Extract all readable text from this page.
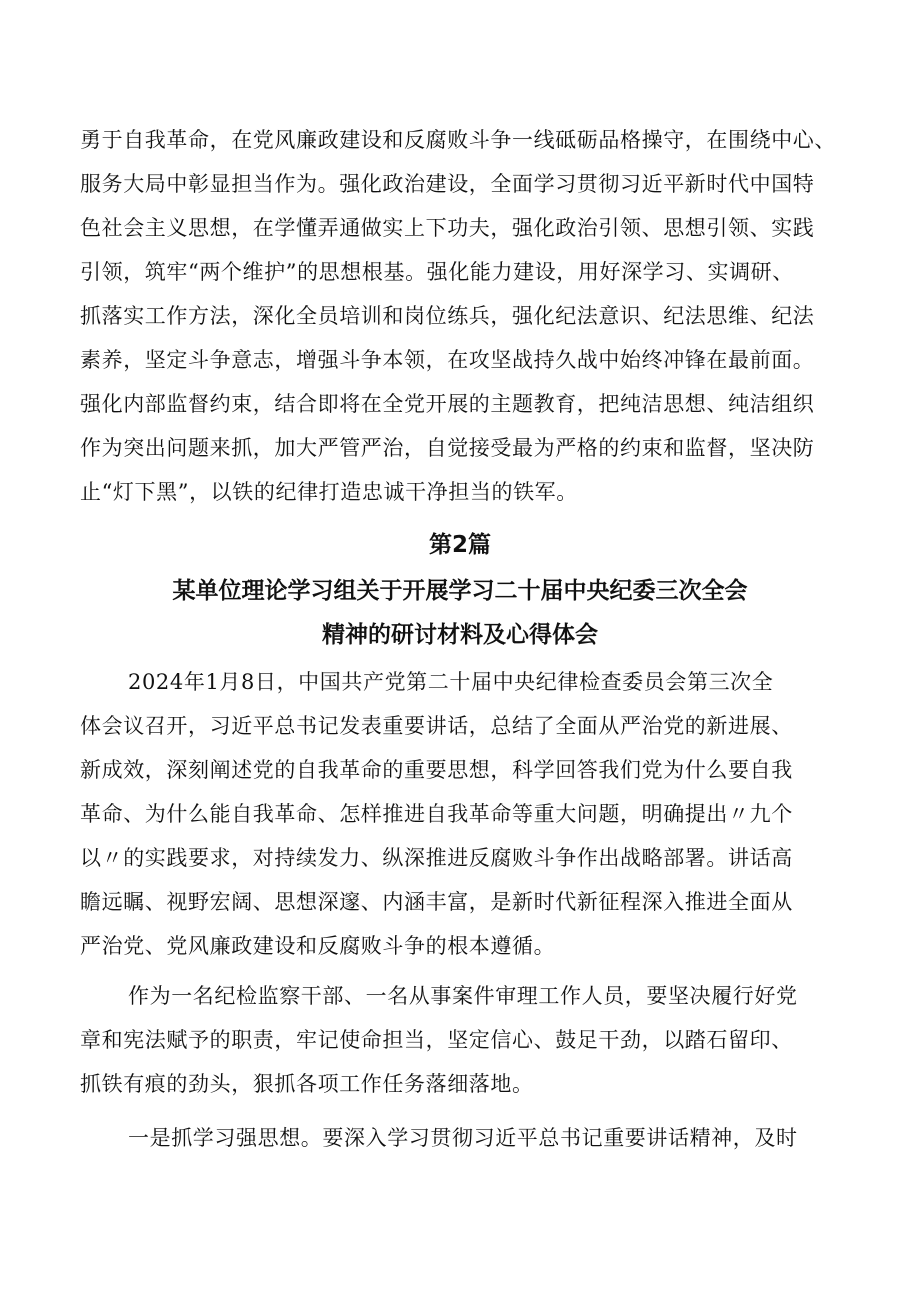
勇于自我革命，在党风廉政建设和反腐败斗争一线砥砺品格操守，在围绕中心、
服务大局中彰显担当作为。强化政治建设，全面学习贯彻习近平新时代中国特
色社会主义思想，在学懂弄通做实上下功夫，强化政治引领、思想引领、实践
引领，筑牢“两个维护”的思想根基。强化能力建设，用好深学习、实调研、
抓落实工作方法，深化全员培训和岗位练兵，强化纪法意识、纪法思维、纪法
素养，坚定斗争意志，增强斗争本领，在攻坚战持久战中始终冲锋在最前面。
强化内部监督约束，结合即将在全党开展的主题教育，把纯洁思想、纯洁组织
作为突出问题来抓，加大严管严治，自觉接受最为严格的约束和监督，坚决防
止“灯下黑”，以铁的纪律打造忠诚干净担当的铁军。
第2篇
某单位理论学习组关于开展学习二十届中央纪委三次全会
精神的研讨材料及心得体会
2024年1月8日，中国共产党第二十届中央纪律检查委员会第三次全
体会议召开，习近平总书记发表重要讲话，总结了全面从严治党的新进展、
新成效，深刻阐述党的自我革命的重要思想，科学回答我们党为什么要自我
革命、为什么能自我革命、怎样推进自我革命等重大问题，明确提出〃九个
以〃的实践要求，对持续发力、纵深推进反腐败斗争作出战略部署。讲话高
瞻远瞩、视野宏阔、思想深邃、内涵丰富，是新时代新征程深入推进全面从
严治党、党风廉政建设和反腐败斗争的根本遵循。
作为一名纪检监察干部、一名从事案件审理工作人员，要坚决履行好党
章和宪法赋予的职责，牢记使命担当，坚定信心、鼓足干劲，以踏石留印、
抓铁有痕的劲头，狠抓各项工作任务落细落地。
一是抓学习强思想。要深入学习贯彻习近平总书记重要讲话精神，及时
